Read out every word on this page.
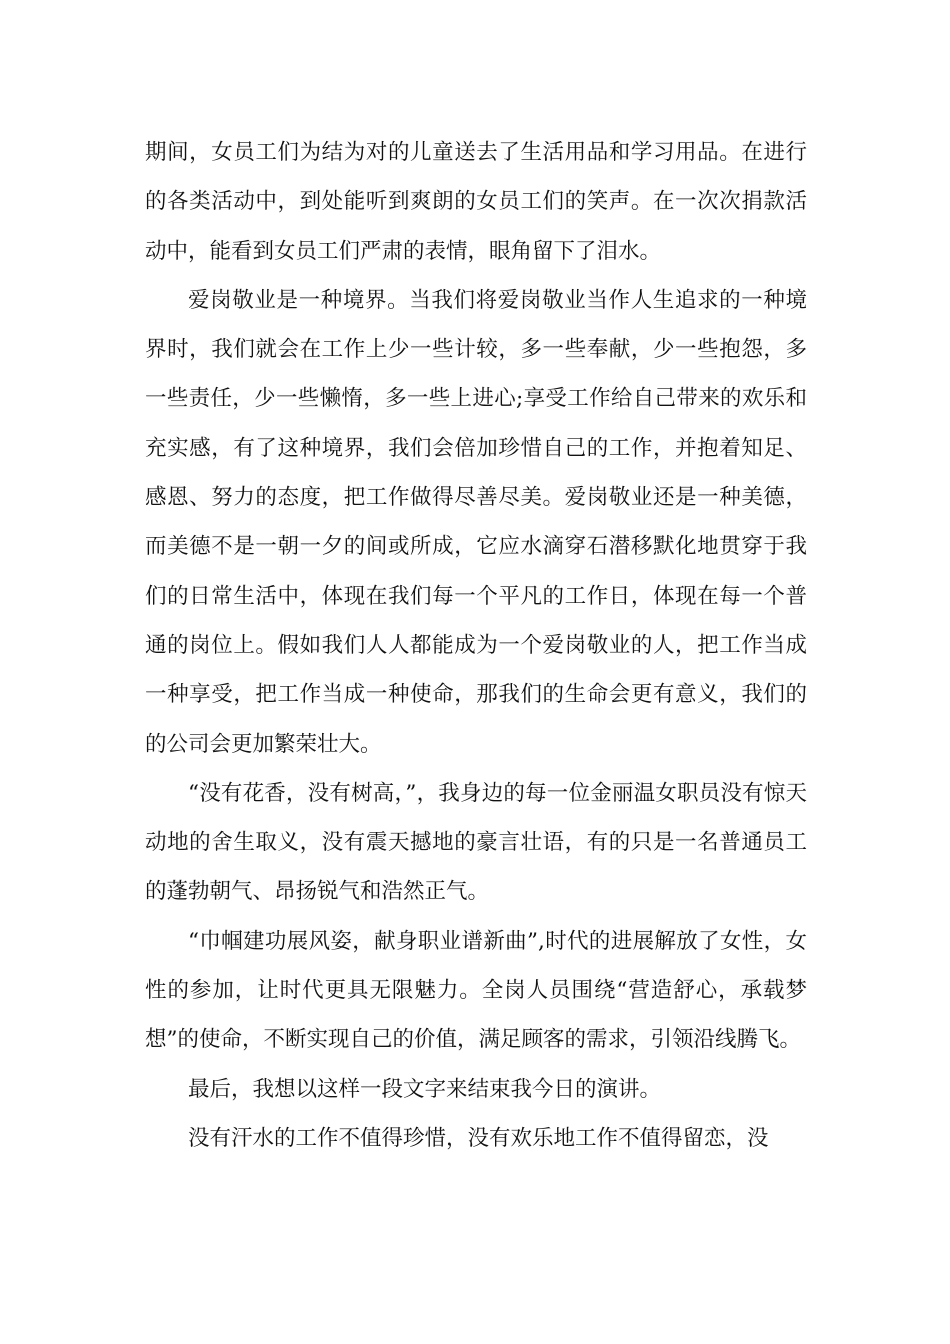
期间，女员工们为结为对的儿童送去了生活用品和学习用品。在进行的各类活动中，到处能听到爽朗的女员工们的笑声。在一次次捐款活动中，能看到女员工们严肃的表情，眼角留下了泪水。

爱岗敬业是一种境界。当我们将爱岗敬业当作人生追求的一种境界时，我们就会在工作上少一些计较，多一些奉献，少一些抱怨，多一些责任，少一些懒惰，多一些上进心;享受工作给自己带来的欢乐和充实感，有了这种境界，我们会倍加珍惜自己的工作，并抱着知足、感恩、努力的态度，把工作做得尽善尽美。爱岗敬业还是一种美德，而美德不是一朝一夕的间或所成，它应水滴穿石潜移默化地贯穿于我们的日常生活中，体现在我们每一个平凡的工作日，体现在每一个普通的岗位上。假如我们人人都能成为一个爱岗敬业的人，把工作当成一种享受，把工作当成一种使命，那我们的生命会更有意义，我们的的公司会更加繁荣壮大。

“没有花香，没有树高，”，我身边的每一位金丽温女职员没有惊天动地的舍生取义，没有震天撼地的豪言壮语，有的只是一名普通员工的蓬勃朝气、昂扬锐气和浩然正气。

“巾帼建功展风姿，献身职业谱新曲”,时代的进展解放了女性，女性的参加，让时代更具无限魅力。全岗人员围绕“营造舒心，承载梦想”的使命，不断实现自己的价值，满足顾客的需求，引领沿线腾飞。

最后，我想以这样一段文字来结束我今日的演讲。

没有汗水的工作不值得珍惜，没有欢乐地工作不值得留恋，没
